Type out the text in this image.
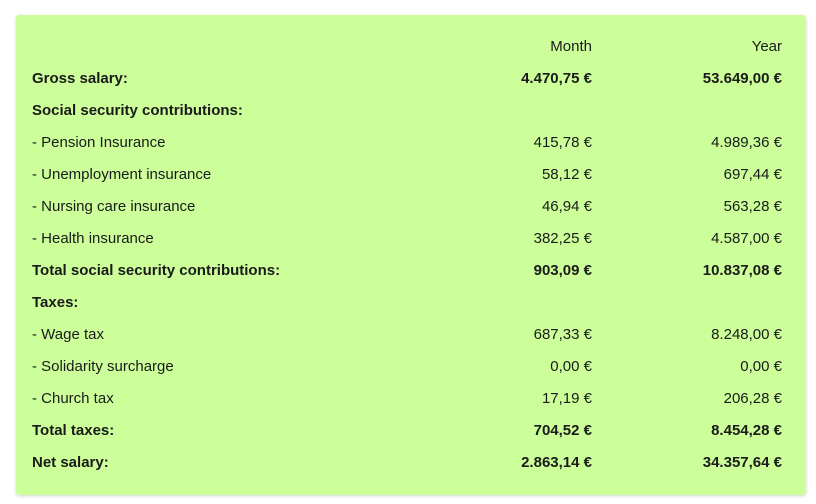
	Month	Year
Gross salary:	4.470,75 €	53.649,00 €
Social security contributions:		
- Pension Insurance	415,78 €	4.989,36 €
- Unemployment insurance	58,12 €	697,44 €
- Nursing care insurance	46,94 €	563,28 €
- Health insurance	382,25 €	4.587,00 €
Total social security contributions:	903,09 €	10.837,08 €
Taxes:		
- Wage tax	687,33 €	8.248,00 €
- Solidarity surcharge	0,00 €	0,00 €
- Church tax	17,19 €	206,28 €
Total taxes:	704,52 €	8.454,28 €
Net salary:	2.863,14 €	34.357,64 €
